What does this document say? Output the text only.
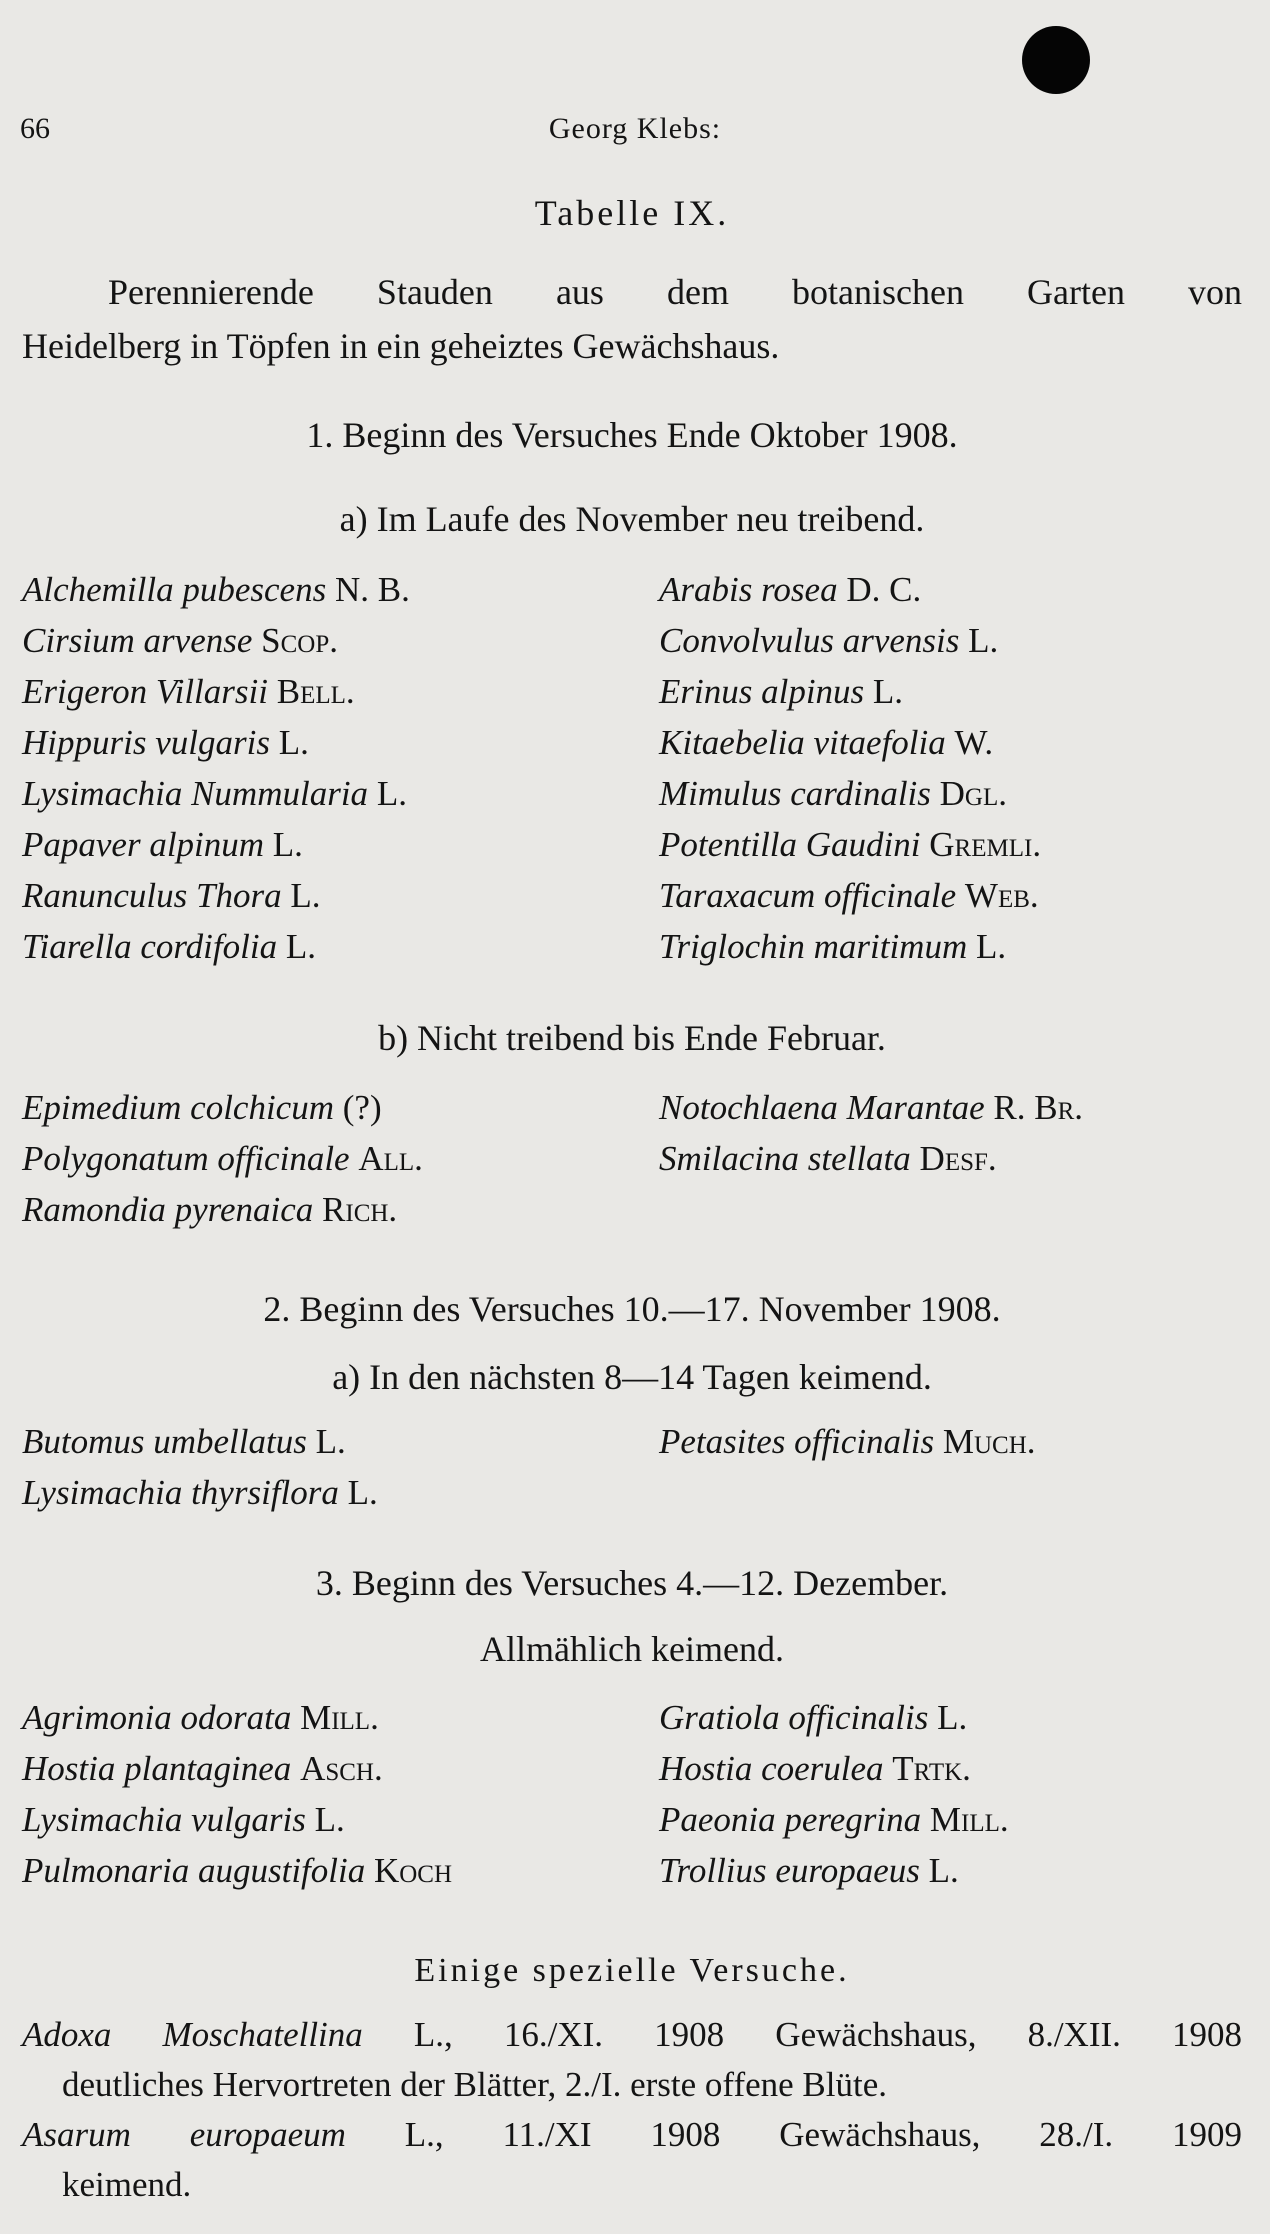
66	Georg Klebs:
Tabelle IX.
Perennierende Stauden aus dem botanischen Garten von
Heidelberg in Töpfen in ein geheiztes Gewächshaus.
1. Beginn des Versuches Ende Oktober 1908.
a) Im Laufe des November neu treibend.
Alchemilla pubescens N. B.	Arabis rosea D. C.
Cirsium arvense Scop.	Convolvulus arvensis L.
Erigeron Villarsii Bell.	Erinus alpinus L.
Hippuris vulgaris L.	Kitaebelia vitaefolia W.
Lysimachia Nummularia L.	Mimulus cardinalis Dgl.
Papaver alpinum L.	Potentilla Gaudini Gremli.
Ranunculus Thora L.	Taraxacum officinale Web.
Tiarella cordifolia L.	Triglochin maritimum L.
b) Nicht treibend bis Ende Februar.
Epimedium colchicum (?)	Notochlaena Marantae R. Br.
Polygonatum officinale All.	Smilacina stellata Desf.
Ramondia pyrenaica Rich.
2. Beginn des Versuches 10.—17. November 1908.
a) In den nächsten 8—14 Tagen keimend.
Butomus umbellatus L.	Petasites officinalis Much.
Lysimachia thyrsiflora L.
3. Beginn des Versuches 4.—12. Dezember.
Allmählich keimend.
Agrimonia odorata Mill.	Gratiola officinalis L.
Hostia plantaginea Asch.	Hostia coerulea Trtk.
Lysimachia vulgaris L.	Paeonia peregrina Mill.
Pulmonaria augustifolia Koch	Trollius europaeus L.
Einige spezielle Versuche.

Adoxa Moschatellina L., 16./XI. 1908 Gewächshaus, 8./XII. 1908

deutliches Hervortreten der Blätter, 2./I. erste offene Blüte.

Asarum europaeum L., 11./XI 1908 Gewächshaus, 28./I. 1909

keimend.
